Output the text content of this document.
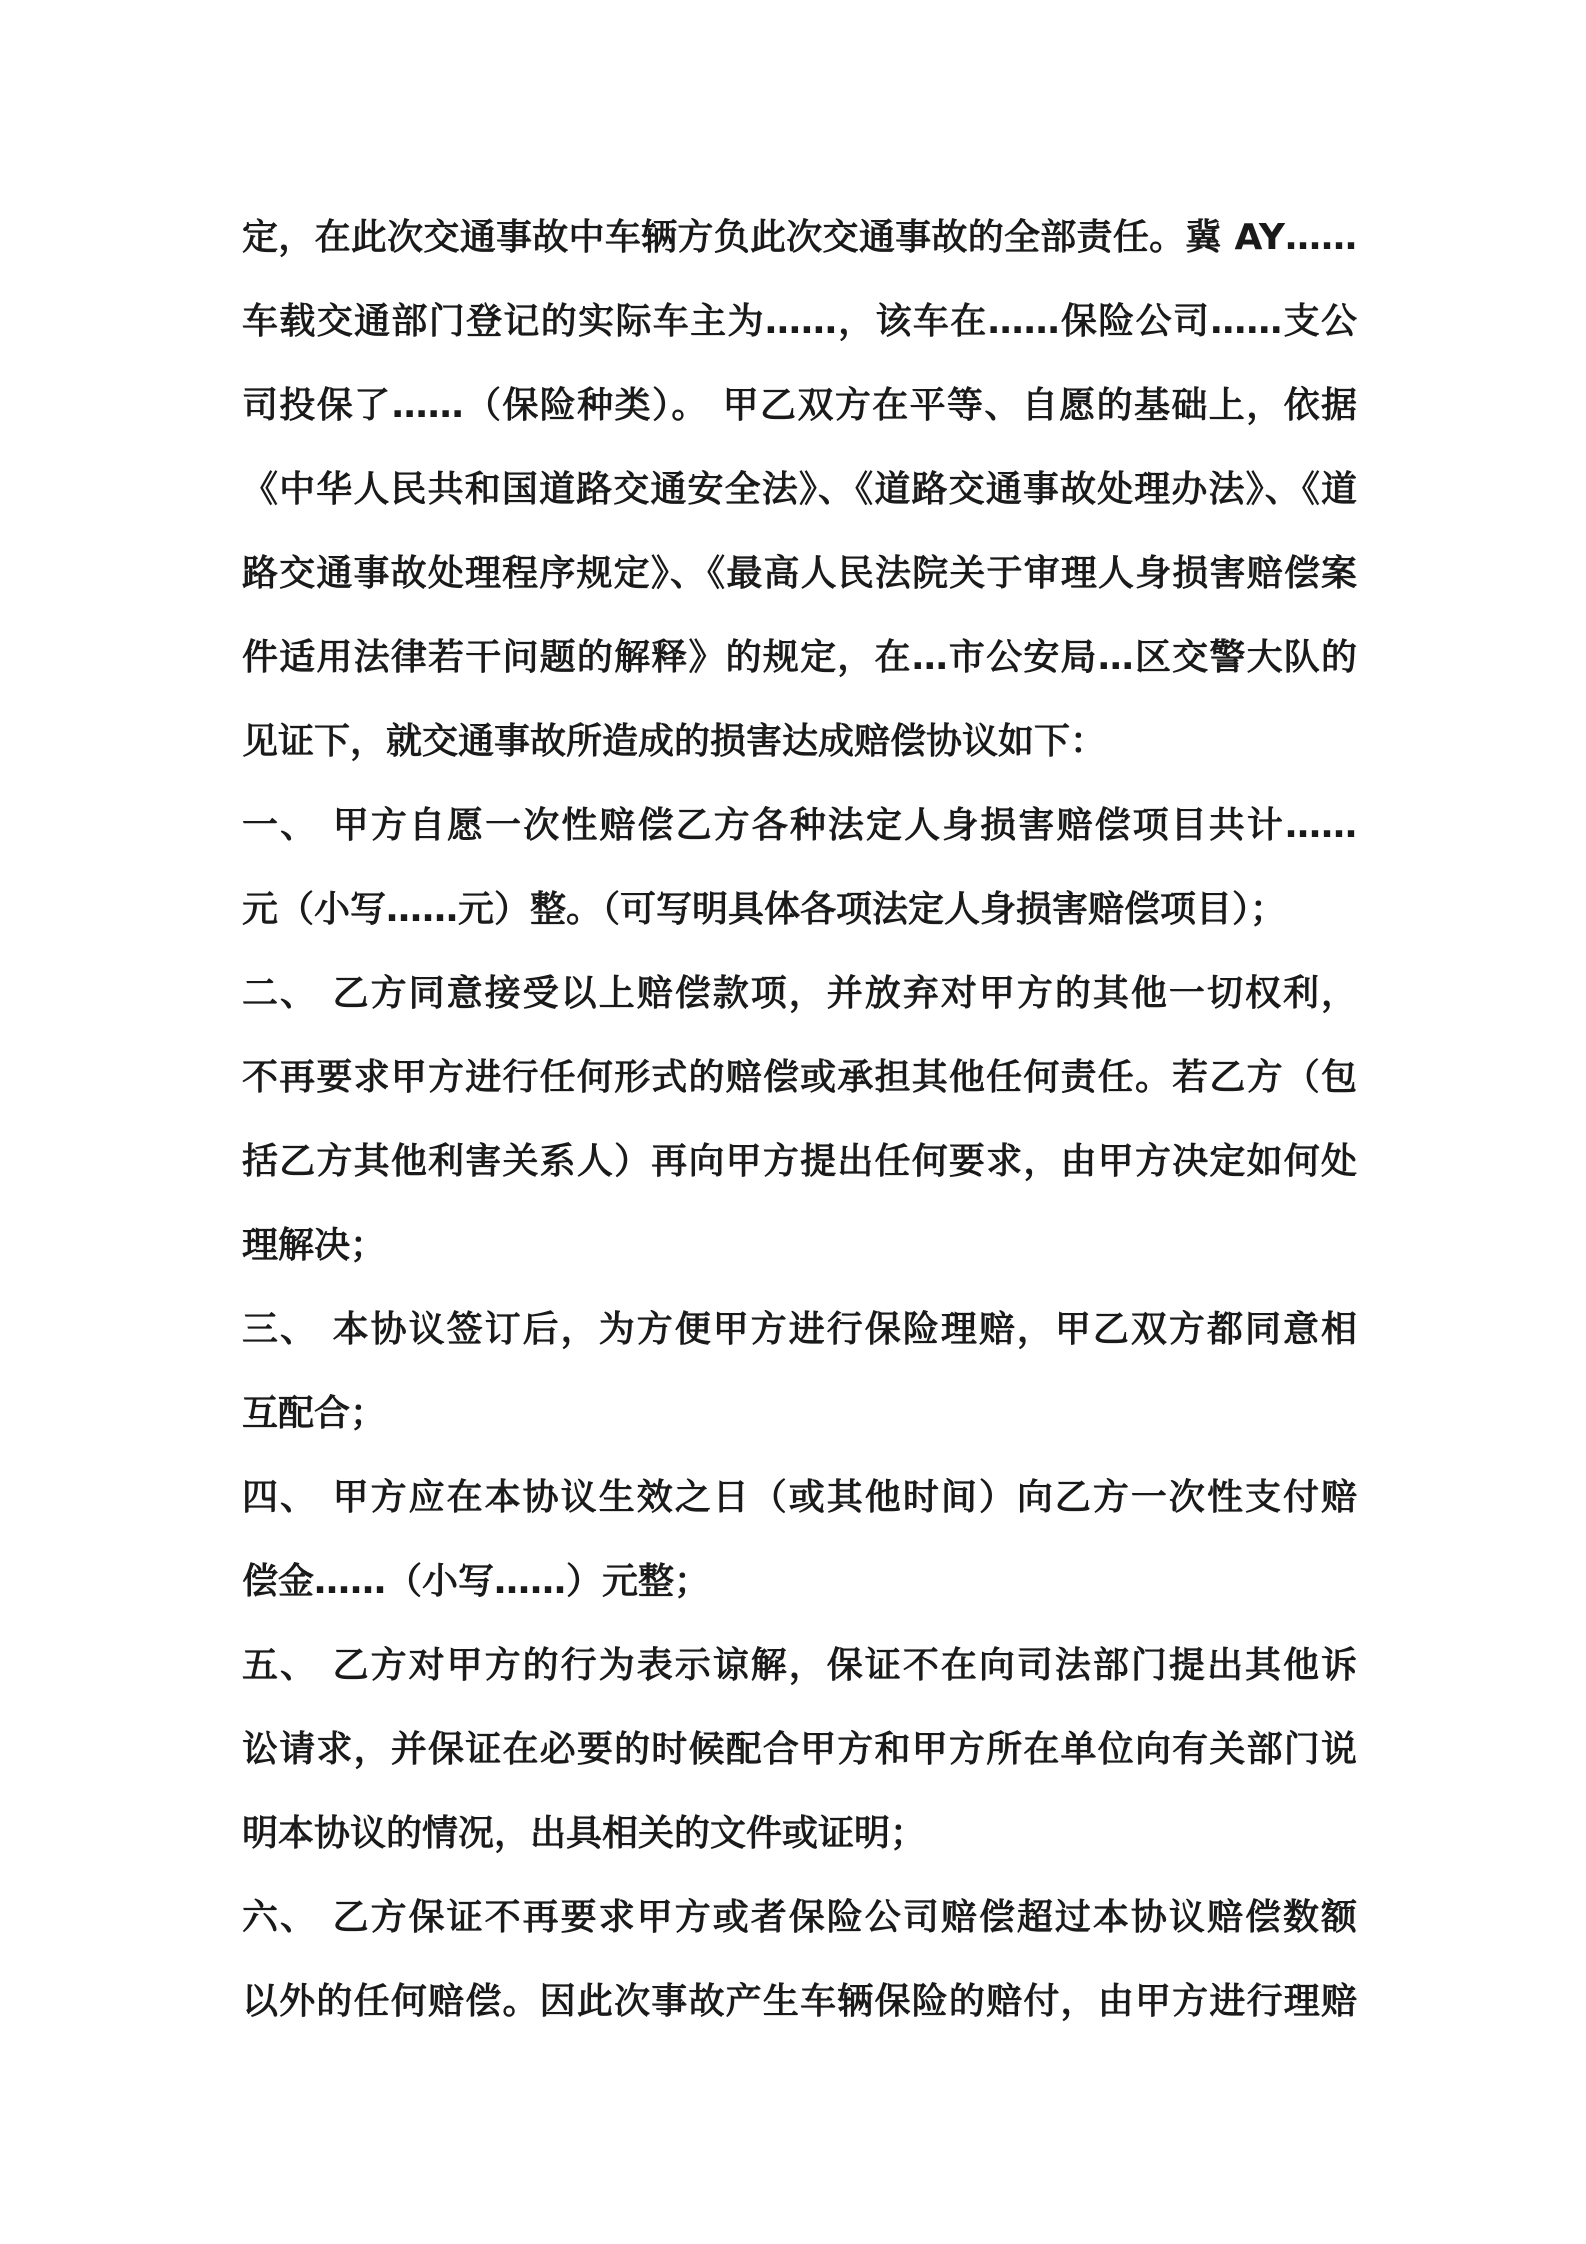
定，在此次交通事故中车辆方负此次交通事故的全部责任。冀 AY……
车载交通部门登记的实际车主为……，该车在……保险公司……支公
司投保了……（保险种类）。 甲乙双方在平等、自愿的基础上，依据
《中华人民共和国道路交通安全法》、《道路交通事故处理办法》、《道
路交通事故处理程序规定》、《最高人民法院关于审理人身损害赔偿案
件适用法律若干问题的解释》的规定，在…市公安局…区交警大队的
见证下，就交通事故所造成的损害达成赔偿协议如下：
一、 甲方自愿一次性赔偿乙方各种法定人身损害赔偿项目共计……
元（小写……元）整。（可写明具体各项法定人身损害赔偿项目）；
二、 乙方同意接受以上赔偿款项，并放弃对甲方的其他一切权利，
不再要求甲方进行任何形式的赔偿或承担其他任何责任。若乙方（包
括乙方其他利害关系人）再向甲方提出任何要求，由甲方决定如何处
理解决；
三、 本协议签订后，为方便甲方进行保险理赔，甲乙双方都同意相
互配合；
四、 甲方应在本协议生效之日（或其他时间）向乙方一次性支付赔
偿金……（小写……）元整；
五、 乙方对甲方的行为表示谅解，保证不在向司法部门提出其他诉
讼请求，并保证在必要的时候配合甲方和甲方所在单位向有关部门说
明本协议的情况，出具相关的文件或证明；
六、 乙方保证不再要求甲方或者保险公司赔偿超过本协议赔偿数额
以外的任何赔偿。因此次事故产生车辆保险的赔付，由甲方进行理赔
